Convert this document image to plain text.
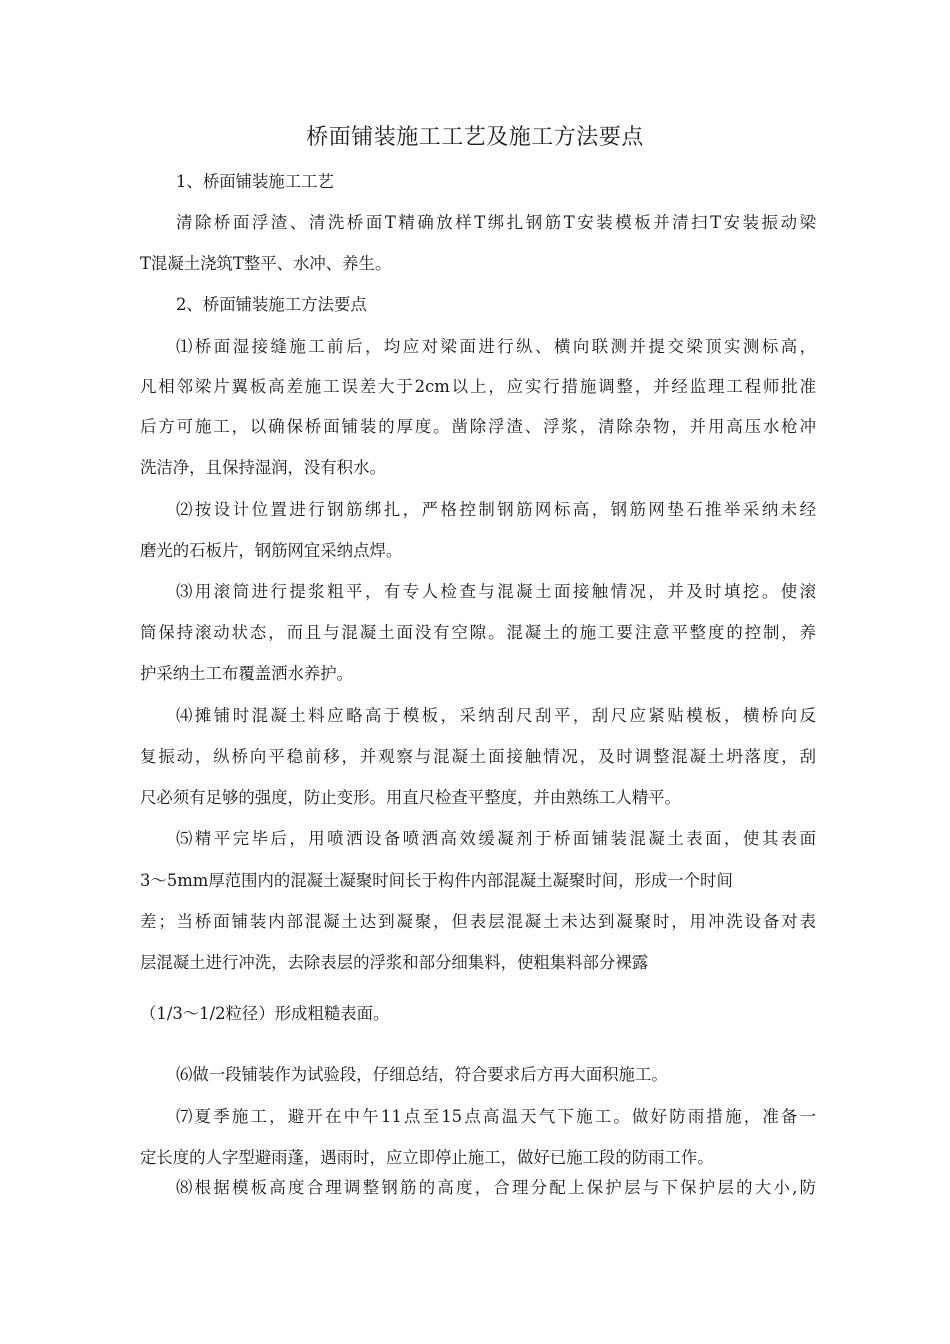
桥面铺装施工工艺及施工方法要点
1、桥面铺装施工工艺
清除桥面浮渣、清洗桥面T精确放样T绑扎钢筋T安装模板并清扫T安装振动梁
T混凝土浇筑T整平、水冲、养生。
2、桥面铺装施工方法要点
⑴桥面湿接缝施工前后，均应对梁面进行纵、横向联测并提交梁顶实测标高，
凡相邻梁片翼板高差施工误差大于2cm以上，应实行措施调整，并经监理工程师批准
后方可施工，以确保桥面铺装的厚度。凿除浮渣、浮浆，清除杂物，并用高压水枪冲
洗洁净，且保持湿润，没有积水。
⑵按设计位置进行钢筋绑扎，严格控制钢筋网标高，钢筋网垫石推举采纳未经
磨光的石板片，钢筋网宜采纳点焊。
⑶用滚筒进行提浆粗平，有专人检查与混凝土面接触情况，并及时填挖。使滚
筒保持滚动状态，而且与混凝土面没有空隙。混凝土的施工要注意平整度的控制，养
护采纳土工布覆盖洒水养护。
⑷摊铺时混凝土料应略高于模板，采纳刮尺刮平，刮尺应紧贴模板，横桥向反
复振动，纵桥向平稳前移，并观察与混凝土面接触情况，及时调整混凝土坍落度，刮
尺必须有足够的强度，防止变形。用直尺检查平整度，并由熟练工人精平。
⑸精平完毕后，用喷洒设备喷洒高效缓凝剂于桥面铺装混凝土表面，使其表面
3〜5mm厚范围内的混凝土凝聚时间长于构件内部混凝土凝聚时间，形成一个时间
差；当桥面铺装内部混凝土达到凝聚，但表层混凝土未达到凝聚时，用冲洗设备对表
层混凝土进行冲洗，去除表层的浮浆和部分细集料，使粗集料部分裸露
（1/3〜1/2粒径）形成粗糙表面。
⑹做一段铺装作为试验段，仔细总结，符合要求后方再大面积施工。
⑺夏季施工，避开在中午11点至15点高温天气下施工。做好防雨措施，准备一
定长度的人字型避雨蓬，遇雨时，应立即停止施工，做好已施工段的防雨工作。
⑻根据模板高度合理调整钢筋的高度，合理分配上保护层与下保护层的大小,防
